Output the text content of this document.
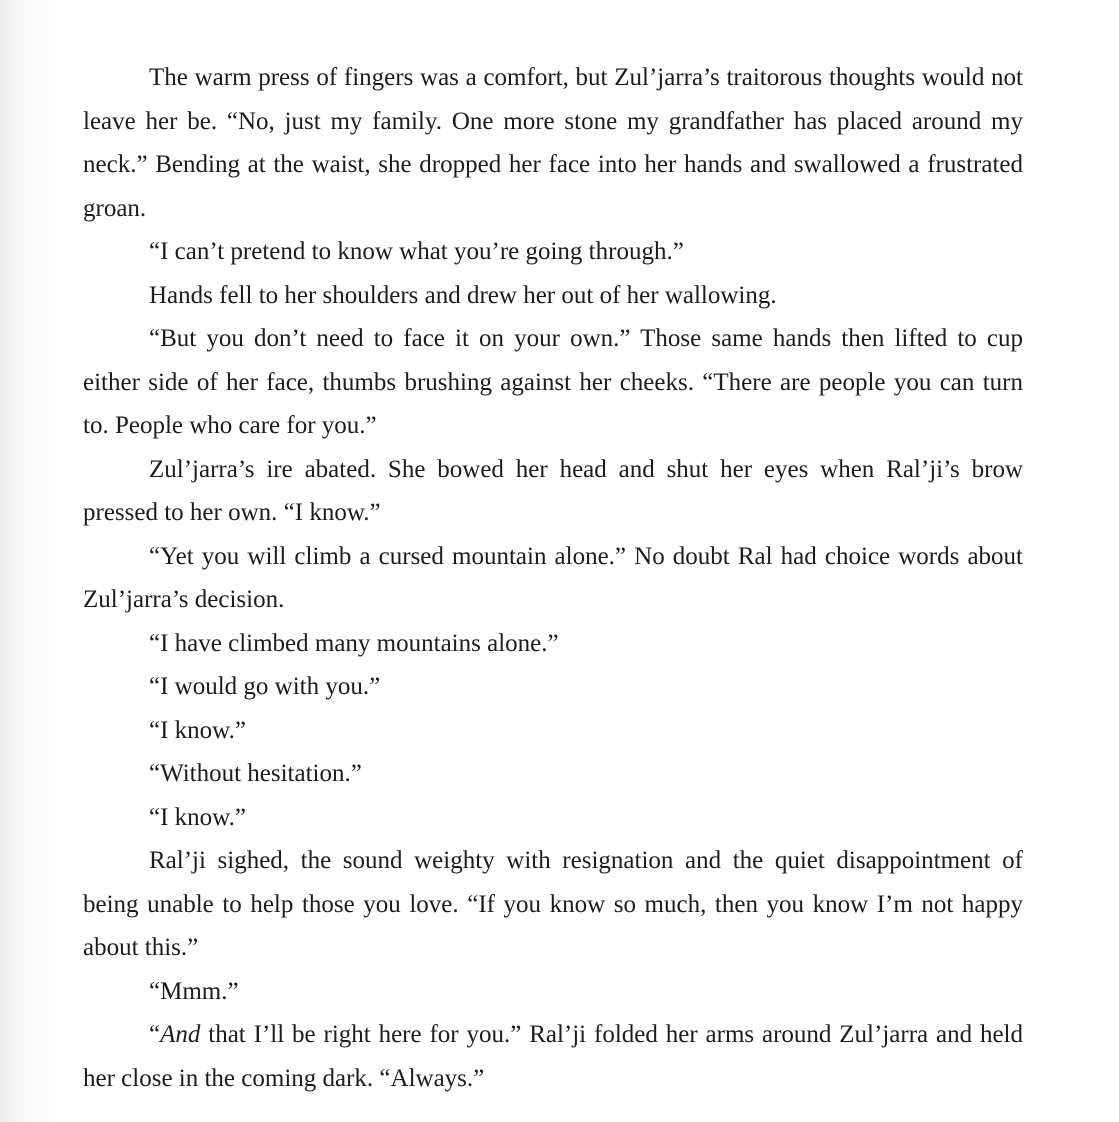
The warm press of fingers was a comfort, but Zul’jarra’s traitorous thoughts would not leave her be. “No, just my family. One more stone my grandfather has placed around my neck.” Bending at the waist, she dropped her face into her hands and swallowed a frustrated groan.

“I can’t pretend to know what you’re going through.”

Hands fell to her shoulders and drew her out of her wallowing.

“But you don’t need to face it on your own.” Those same hands then lifted to cup either side of her face, thumbs brushing against her cheeks. “There are people you can turn to. People who care for you.”

Zul’jarra’s ire abated. She bowed her head and shut her eyes when Ral’ji’s brow pressed to her own. “I know.”

“Yet you will climb a cursed mountain alone.” No doubt Ral had choice words about Zul’jarra’s decision.

“I have climbed many mountains alone.”

“I would go with you.”

“I know.”

“Without hesitation.”

“I know.”

Ral’ji sighed, the sound weighty with resignation and the quiet disappointment of being unable to help those you love. “If you know so much, then you know I’m not happy about this.”

“Mmm.”

“And that I’ll be right here for you.” Ral’ji folded her arms around Zul’jarra and held her close in the coming dark. “Always.”
